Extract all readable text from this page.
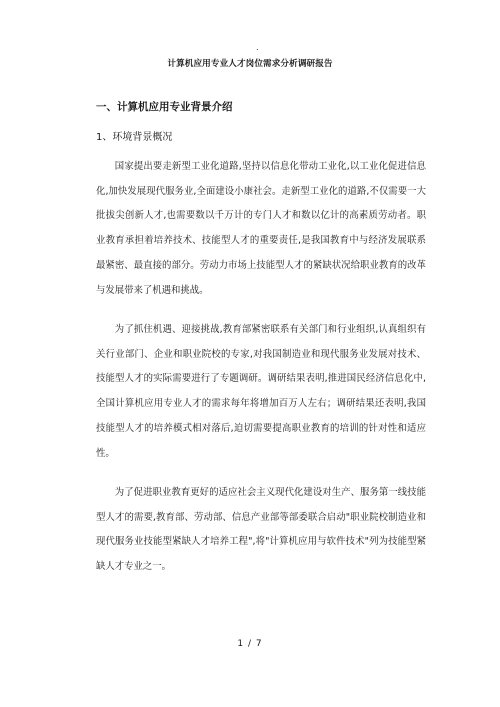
.
计算机应用专业人才岗位需求分析调研报告
一、计算机应用专业背景介绍
1、环境背景概况

国家提出要走新型工业化道路,坚持以信息化带动工业化,以工业化促进信息化,加快发展现代服务业,全面建设小康社会。走新型工业化的道路,不仅需要一大批拔尖创新人才,也需要数以千万计的专门人才和数以亿计的高素质劳动者。职业教育承担着培养技术、技能型人才的重要责任,是我国教育中与经济发展联系最紧密、最直接的部分。劳动力市场上技能型人才的紧缺状况给职业教育的改革与发展带来了机遇和挑战。

为了抓住机遇、迎接挑战,教育部紧密联系有关部门和行业组织,认真组织有关行业部门、企业和职业院校的专家,对我国制造业和现代服务业发展对技术、技能型人才的实际需要进行了专题调研。调研结果表明,推进国民经济信息化中,全国计算机应用专业人才的需求每年将增加百万人左右；调研结果还表明,我国技能型人才的培养模式相对落后,迫切需要提高职业教育的培训的针对性和适应性。

为了促进职业教育更好的适应社会主义现代化建设对生产、服务第一线技能型人才的需要,教育部、劳动部、信息产业部等部委联合启动"职业院校制造业和现代服务业技能型紧缺人才培养工程",将"计算机应用与软件技术"列为技能型紧缺人才专业之一。

1 / 7
